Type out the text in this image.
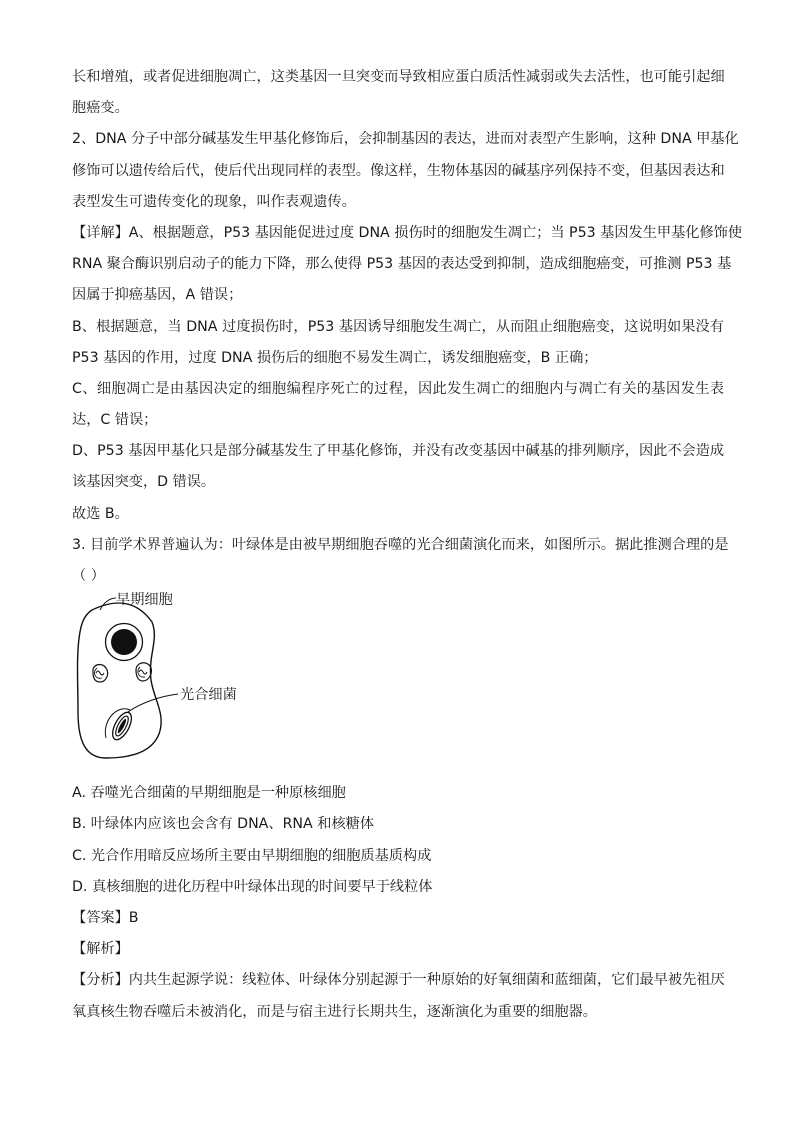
长和增殖，或者促进细胞凋亡，这类基因一旦突变而导致相应蛋白质活性减弱或失去活性，也可能引起细
胞癌变。
2、DNA 分子中部分碱基发生甲基化修饰后，会抑制基因的表达，进而对表型产生影响，这种 DNA 甲基化
修饰可以遗传给后代，使后代出现同样的表型。像这样，生物体基因的碱基序列保持不变，但基因表达和
表型发生可遗传变化的现象，叫作表观遗传。
【详解】A、根据题意，P53 基因能促进过度 DNA 损伤时的细胞发生凋亡；当 P53 基因发生甲基化修饰使
RNA 聚合酶识别启动子的能力下降，那么使得 P53 基因的表达受到抑制，造成细胞癌变，可推测 P53 基
因属于抑癌基因，A 错误；
B、根据题意，当 DNA 过度损伤时，P53 基因诱导细胞发生凋亡，从而阻止细胞癌变，这说明如果没有
P53 基因的作用，过度 DNA 损伤后的细胞不易发生凋亡，诱发细胞癌变，B 正确；
C、细胞凋亡是由基因决定的细胞编程序死亡的过程，因此发生凋亡的细胞内与凋亡有关的基因发生表
达，C 错误；
D、P53 基因甲基化只是部分碱基发生了甲基化修饰，并没有改变基因中碱基的排列顺序，因此不会造成
该基因突变，D 错误。
故选 B。
3. 目前学术界普遍认为：叶绿体是由被早期细胞吞噬的光合细菌演化而来，如图所示。据此推测合理的是
（ ）
早期细胞
光合细菌
A. 吞噬光合细菌的早期细胞是一种原核细胞
B. 叶绿体内应该也会含有 DNA、RNA 和核糖体
C. 光合作用暗反应场所主要由早期细胞的细胞质基质构成
D. 真核细胞的进化历程中叶绿体出现的时间要早于线粒体
【答案】B
【解析】
【分析】内共生起源学说：线粒体、叶绿体分别起源于一种原始的好氧细菌和蓝细菌，它们最早被先祖厌
氧真核生物吞噬后未被消化，而是与宿主进行长期共生，逐渐演化为重要的细胞器。
